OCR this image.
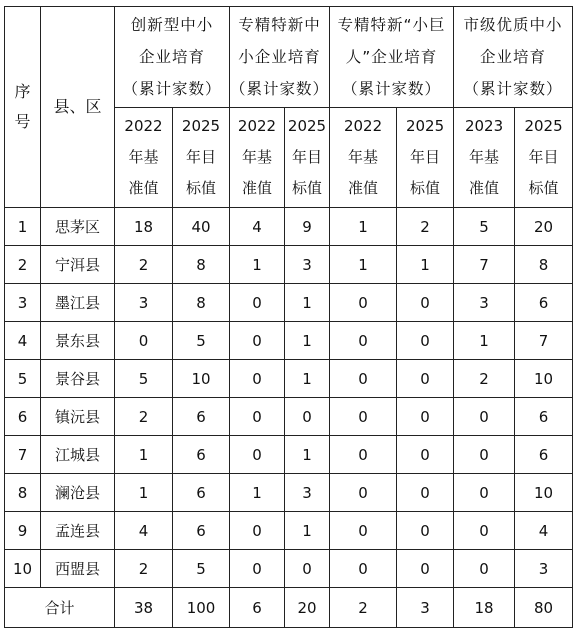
序
号	县、区	创新型中小
企业培育
（累计家数）		专精特新中
小企业培育
（累计家数）		专精特新“小巨
人”企业培育
（累计家数）		市级优质中小
企业培育
（累计家数）	

		2022
年基
准值	2025
年目
标值	2022
年基
准值	2025
年目
标值	2022
年基
准值	2025
年目
标值	2023
年基
准值	2025
年目
标值

1	思茅区	18	40	4	9	1	2	5	20
2	宁洱县	2	8	1	3	1	1	7	8
3	墨江县	3	8	0	1	0	0	3	6
4	景东县	0	5	0	1	0	0	1	7
5	景谷县	5	10	0	1	0	0	2	10
6	镇沅县	2	6	0	0	0	0	0	6
7	江城县	1	6	0	1	0	0	0	6
8	澜沧县	1	6	1	3	0	0	0	10
9	孟连县	4	6	0	1	0	0	0	4
10	西盟县	2	5	0	0	0	0	0	3
合计		38	100	6	20	2	3	18	80
